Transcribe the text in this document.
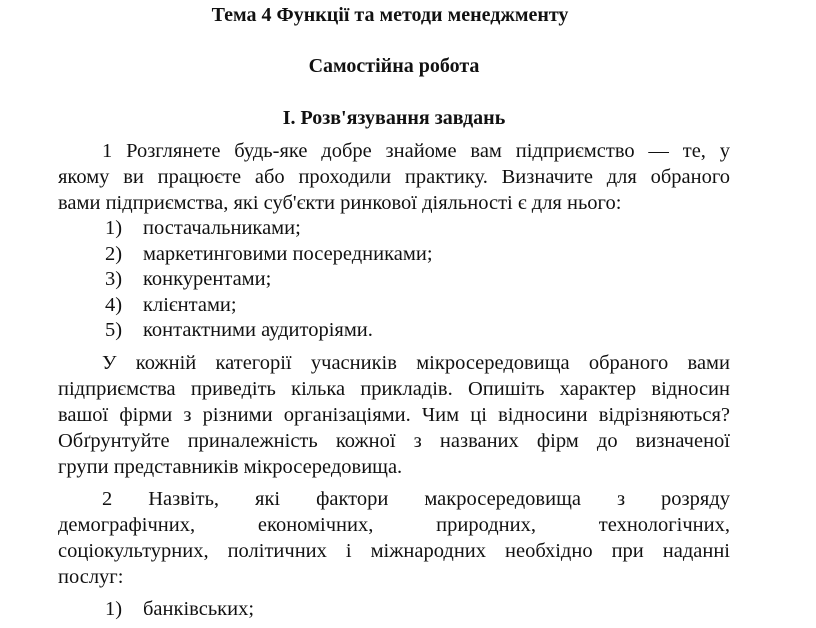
Тема 4 Функції та методи менеджменту
Самостійна робота
І. Розв'язування завдань
1 Розглянете будь-яке добре знайоме вам підприємство — те, у
якому ви працюєте або проходили практику. Визначите для обраного
вами підприємства, які суб'єкти ринкової діяльності є для нього:
1) постачальниками;
2) маркетинговими посередниками;
3) конкурентами;
4) клієнтами;
5) контактними аудиторіями.
У кожній категорії учасників мікросередовища обраного вами
підприємства приведіть кілька прикладів. Опишіть характер відносин
вашої фірми з різними організаціями. Чим ці відносини відрізняються?
Обґрунтуйте приналежність кожної з названих фірм до визначеної
групи представників мікросередовища.
2 Назвіть, які фактори макросередовища з розряду
демографічних, економічних, природних, технологічних,
соціокультурних, політичних і міжнародних необхідно при наданні
послуг:
1) банківських;
